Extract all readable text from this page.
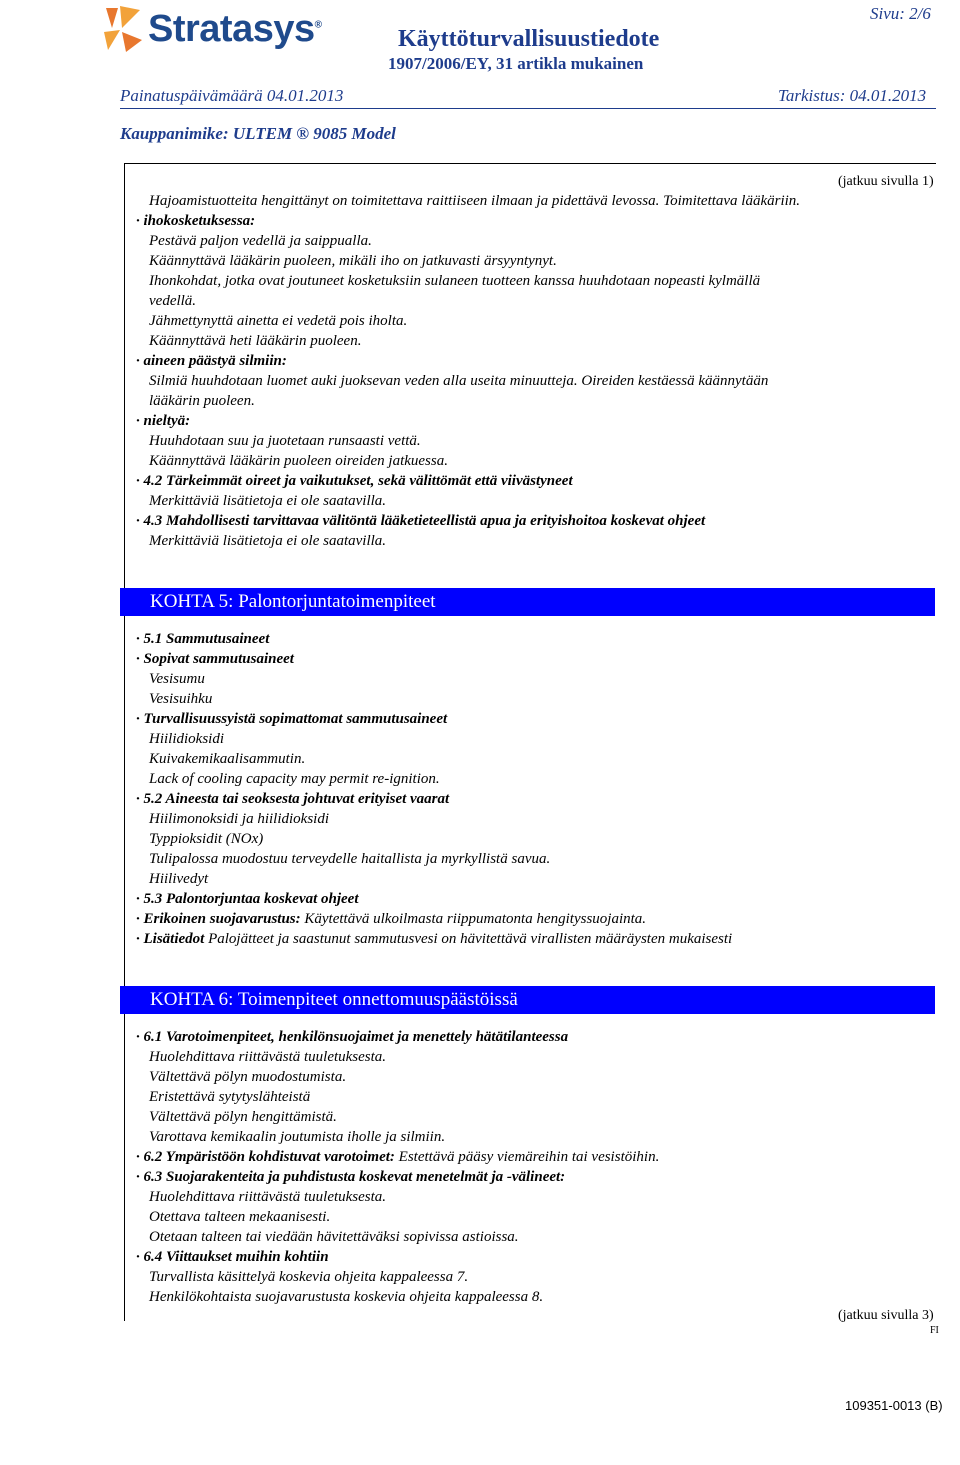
Stratasys®
Sivu: 2/6
Käyttöturvallisuustiedote
1907/2006/EY, 31 artikla mukainen
Painatuspäivämäärä 04.01.2013	Tarkistus: 04.01.2013
Kauppanimike: ULTEM ® 9085 Model
(jatkuu sivulla 1)
Hajoamistuotteita hengittänyt on toimitettava raittiiseen ilmaan ja pidettävä levossa. Toimitettava lääkäriin.
· ihokosketuksessa:
Pestävä paljon vedellä ja saippualla.
Käännyttävä lääkärin puoleen, mikäli iho on jatkuvasti ärsyyntynyt.
Ihonkohdat, jotka ovat joutuneet kosketuksiin sulaneen tuotteen kanssa huuhdotaan nopeasti kylmällä
vedellä.
Jähmettynyttä ainetta ei vedetä pois iholta.
Käännyttävä heti lääkärin puoleen.
· aineen päästyä silmiin:
Silmiä huuhdotaan luomet auki juoksevan veden alla useita minuutteja. Oireiden kestäessä käännytään
lääkärin puoleen.
· nieltyä:
Huuhdotaan suu ja juotetaan runsaasti vettä.
Käännyttävä lääkärin puoleen oireiden jatkuessa.
· 4.2 Tärkeimmät oireet ja vaikutukset, sekä välittömät että viivästyneet
Merkittäviä lisätietoja ei ole saatavilla.
· 4.3 Mahdollisesti tarvittavaa välitöntä lääketieteellistä apua ja erityishoitoa koskevat ohjeet
Merkittäviä lisätietoja ei ole saatavilla.
KOHTA 5: Palontorjuntatoimenpiteet
· 5.1 Sammutusaineet
· Sopivat sammutusaineet
Vesisumu
Vesisuihku
· Turvallisuussyistä sopimattomat sammutusaineet
Hiilidioksidi
Kuivakemikaalisammutin.
Lack of cooling capacity may permit re-ignition.
· 5.2 Aineesta tai seoksesta johtuvat erityiset vaarat
Hiilimonoksidi ja hiilidioksidi
Typpioksidit (NOx)
Tulipalossa muodostuu terveydelle haitallista ja myrkyllistä savua.
Hiilivedyt
· 5.3 Palontorjuntaa koskevat ohjeet
· Erikoinen suojavarustus: Käytettävä ulkoilmasta riippumatonta hengityssuojainta.
· Lisätiedot Palojätteet ja saastunut sammutusvesi on hävitettävä virallisten määräysten mukaisesti
KOHTA 6: Toimenpiteet onnettomuuspäästöissä
· 6.1 Varotoimenpiteet, henkilönsuojaimet ja menettely hätätilanteessa
Huolehdittava riittävästä tuuletuksesta.
Vältettävä pölyn muodostumista.
Eristettävä sytytyslähteistä
Vältettävä pölyn hengittämistä.
Varottava kemikaalin joutumista iholle ja silmiin.
· 6.2 Ympäristöön kohdistuvat varotoimet: Estettävä pääsy viemäreihin tai vesistöihin.
· 6.3 Suojarakenteita ja puhdistusta koskevat menetelmät ja -välineet:
Huolehdittava riittävästä tuuletuksesta.
Otettava talteen mekaanisesti.
Otetaan talteen tai viedään hävitettäväksi sopivissa astioissa.
· 6.4 Viittaukset muihin kohtiin
Turvallista käsittelyä koskevia ohjeita kappaleessa 7.
Henkilökohtaista suojavarustusta koskevia ohjeita kappaleessa 8.
(jatkuu sivulla 3)
FI
109351-0013 (B)
